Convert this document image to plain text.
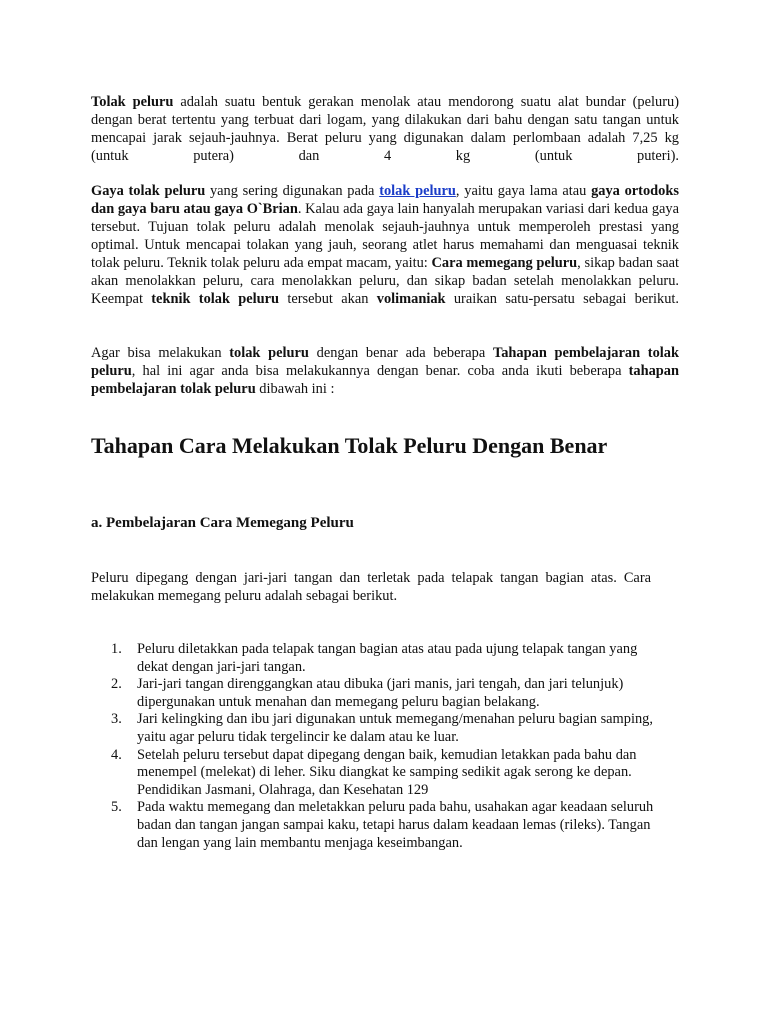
Tolak peluru adalah suatu bentuk gerakan menolak atau mendorong suatu alat bundar (peluru) dengan berat tertentu yang terbuat dari logam, yang dilakukan dari bahu dengan satu tangan untuk mencapai jarak sejauh-jauhnya. Berat peluru yang digunakan dalam perlombaan adalah 7,25 kg (untuk putera) dan 4 kg (untuk puteri).

Gaya tolak peluru yang sering digunakan pada tolak peluru, yaitu gaya lama atau gaya ortodoks dan gaya baru atau gaya O`Brian. Kalau ada gaya lain hanyalah merupakan variasi dari kedua gaya tersebut. Tujuan tolak peluru adalah menolak sejauh-jauhnya untuk memperoleh prestasi yang optimal. Untuk mencapai tolakan yang jauh, seorang atlet harus memahami dan menguasai teknik tolak peluru. Teknik tolak peluru ada empat macam, yaitu: Cara memegang peluru, sikap badan saat akan menolakkan peluru, cara menolakkan peluru, dan sikap badan setelah menolakkan peluru. Keempat teknik tolak peluru tersebut akan volimaniak uraikan satu-persatu sebagai berikut.

Agar bisa melakukan tolak peluru dengan benar ada beberapa Tahapan pembelajaran tolak peluru, hal ini agar anda bisa melakukannya dengan benar. coba anda ikuti beberapa tahapan pembelajaran tolak peluru dibawah ini :

Tahapan Cara Melakukan Tolak Peluru Dengan Benar
a. Pembelajaran Cara Memegang Peluru

Peluru dipegang dengan jari-jari tangan dan terletak pada telapak tangan bagian atas. Cara melakukan memegang peluru adalah sebagai berikut.

1. Peluru diletakkan pada telapak tangan bagian atas atau pada ujung telapak tangan yang
dekat dengan jari-jari tangan.
2. Jari-jari tangan direnggangkan atau dibuka (jari manis, jari tengah, dan jari telunjuk)
dipergunakan untuk menahan dan memegang peluru bagian belakang.
3. Jari kelingking dan ibu jari digunakan untuk memegang/menahan peluru bagian samping,
yaitu agar peluru tidak tergelincir ke dalam atau ke luar.
4. Setelah peluru tersebut dapat dipegang dengan baik, kemudian letakkan pada bahu dan
menempel (melekat) di leher. Siku diangkat ke samping sedikit agak serong ke depan.
Pendidikan Jasmani, Olahraga, dan Kesehatan 129
5. Pada waktu memegang dan meletakkan peluru pada bahu, usahakan agar keadaan seluruh
badan dan tangan jangan sampai kaku, tetapi harus dalam keadaan lemas (rileks). Tangan
dan lengan yang lain membantu menjaga keseimbangan.
